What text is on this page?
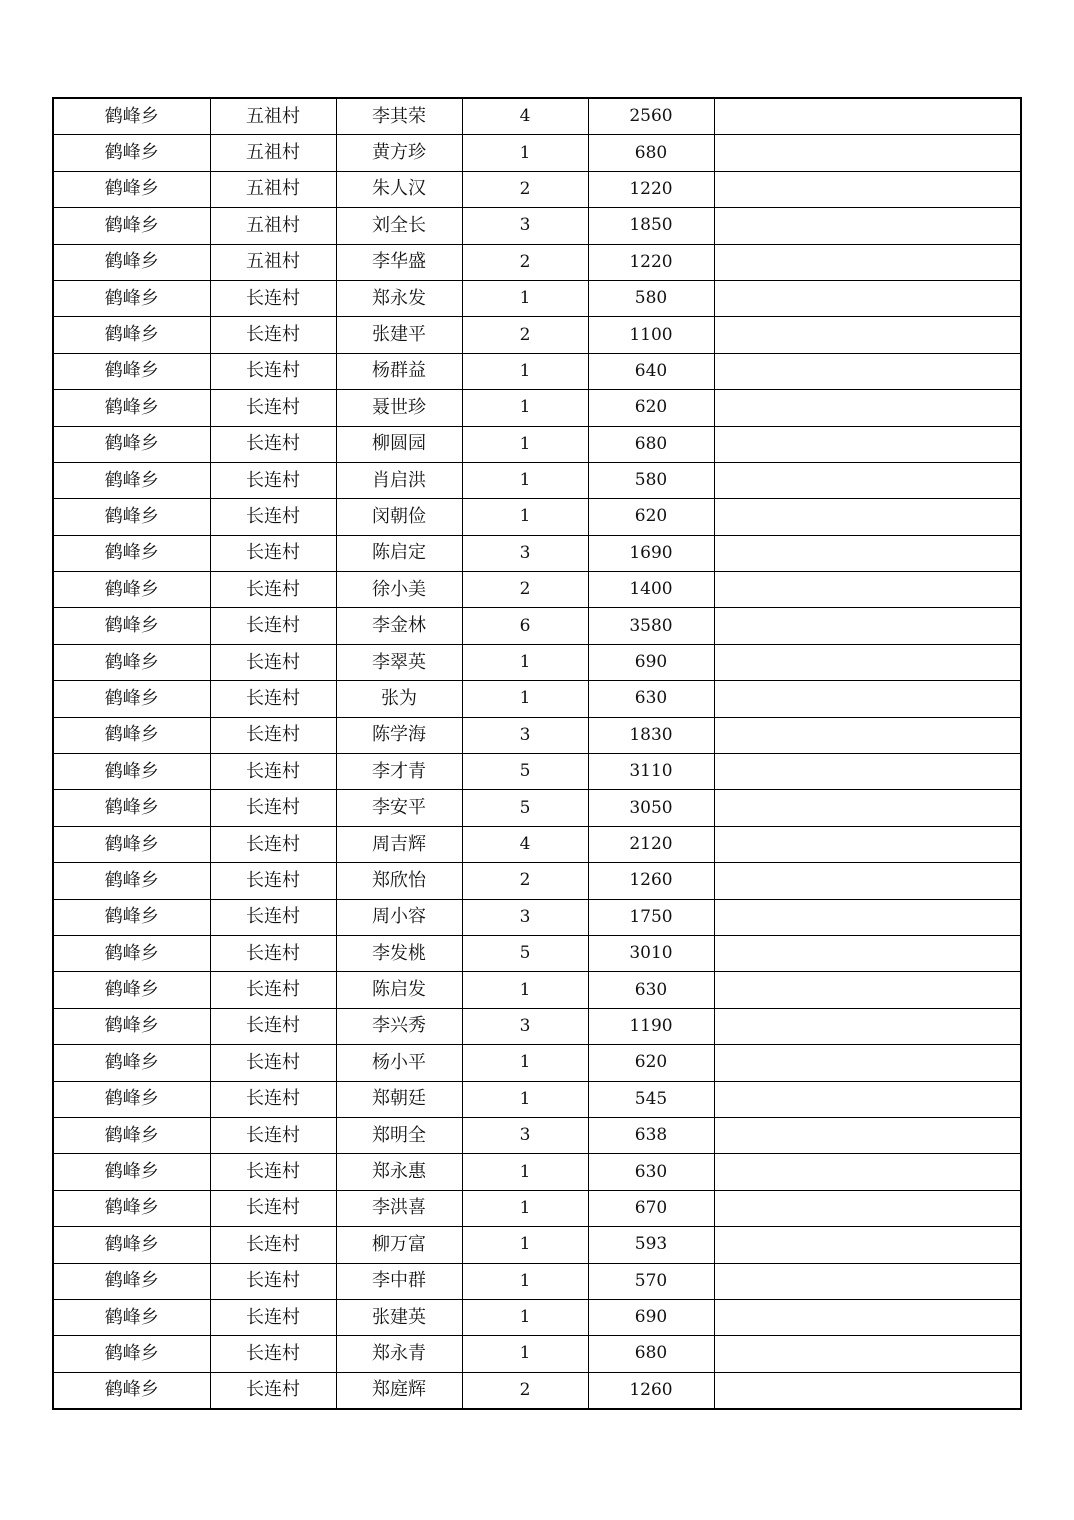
鹤峰乡	五祖村	李其荣	4	2560	
鹤峰乡	五祖村	黄方珍	1	680	
鹤峰乡	五祖村	朱人汉	2	1220	
鹤峰乡	五祖村	刘全长	3	1850	
鹤峰乡	五祖村	李华盛	2	1220	
鹤峰乡	长连村	郑永发	1	580	
鹤峰乡	长连村	张建平	2	1100	
鹤峰乡	长连村	杨群益	1	640	
鹤峰乡	长连村	聂世珍	1	620	
鹤峰乡	长连村	柳圆园	1	680	
鹤峰乡	长连村	肖启洪	1	580	
鹤峰乡	长连村	闵朝俭	1	620	
鹤峰乡	长连村	陈启定	3	1690	
鹤峰乡	长连村	徐小美	2	1400	
鹤峰乡	长连村	李金林	6	3580	
鹤峰乡	长连村	李翠英	1	690	
鹤峰乡	长连村	张为	1	630	
鹤峰乡	长连村	陈学海	3	1830	
鹤峰乡	长连村	李才青	5	3110	
鹤峰乡	长连村	李安平	5	3050	
鹤峰乡	长连村	周吉辉	4	2120	
鹤峰乡	长连村	郑欣怡	2	1260	
鹤峰乡	长连村	周小容	3	1750	
鹤峰乡	长连村	李发桃	5	3010	
鹤峰乡	长连村	陈启发	1	630	
鹤峰乡	长连村	李兴秀	3	1190	
鹤峰乡	长连村	杨小平	1	620	
鹤峰乡	长连村	郑朝廷	1	545	
鹤峰乡	长连村	郑明全	3	638	
鹤峰乡	长连村	郑永惠	1	630	
鹤峰乡	长连村	李洪喜	1	670	
鹤峰乡	长连村	柳万富	1	593	
鹤峰乡	长连村	李中群	1	570	
鹤峰乡	长连村	张建英	1	690	
鹤峰乡	长连村	郑永青	1	680	
鹤峰乡	长连村	郑庭辉	2	1260	
